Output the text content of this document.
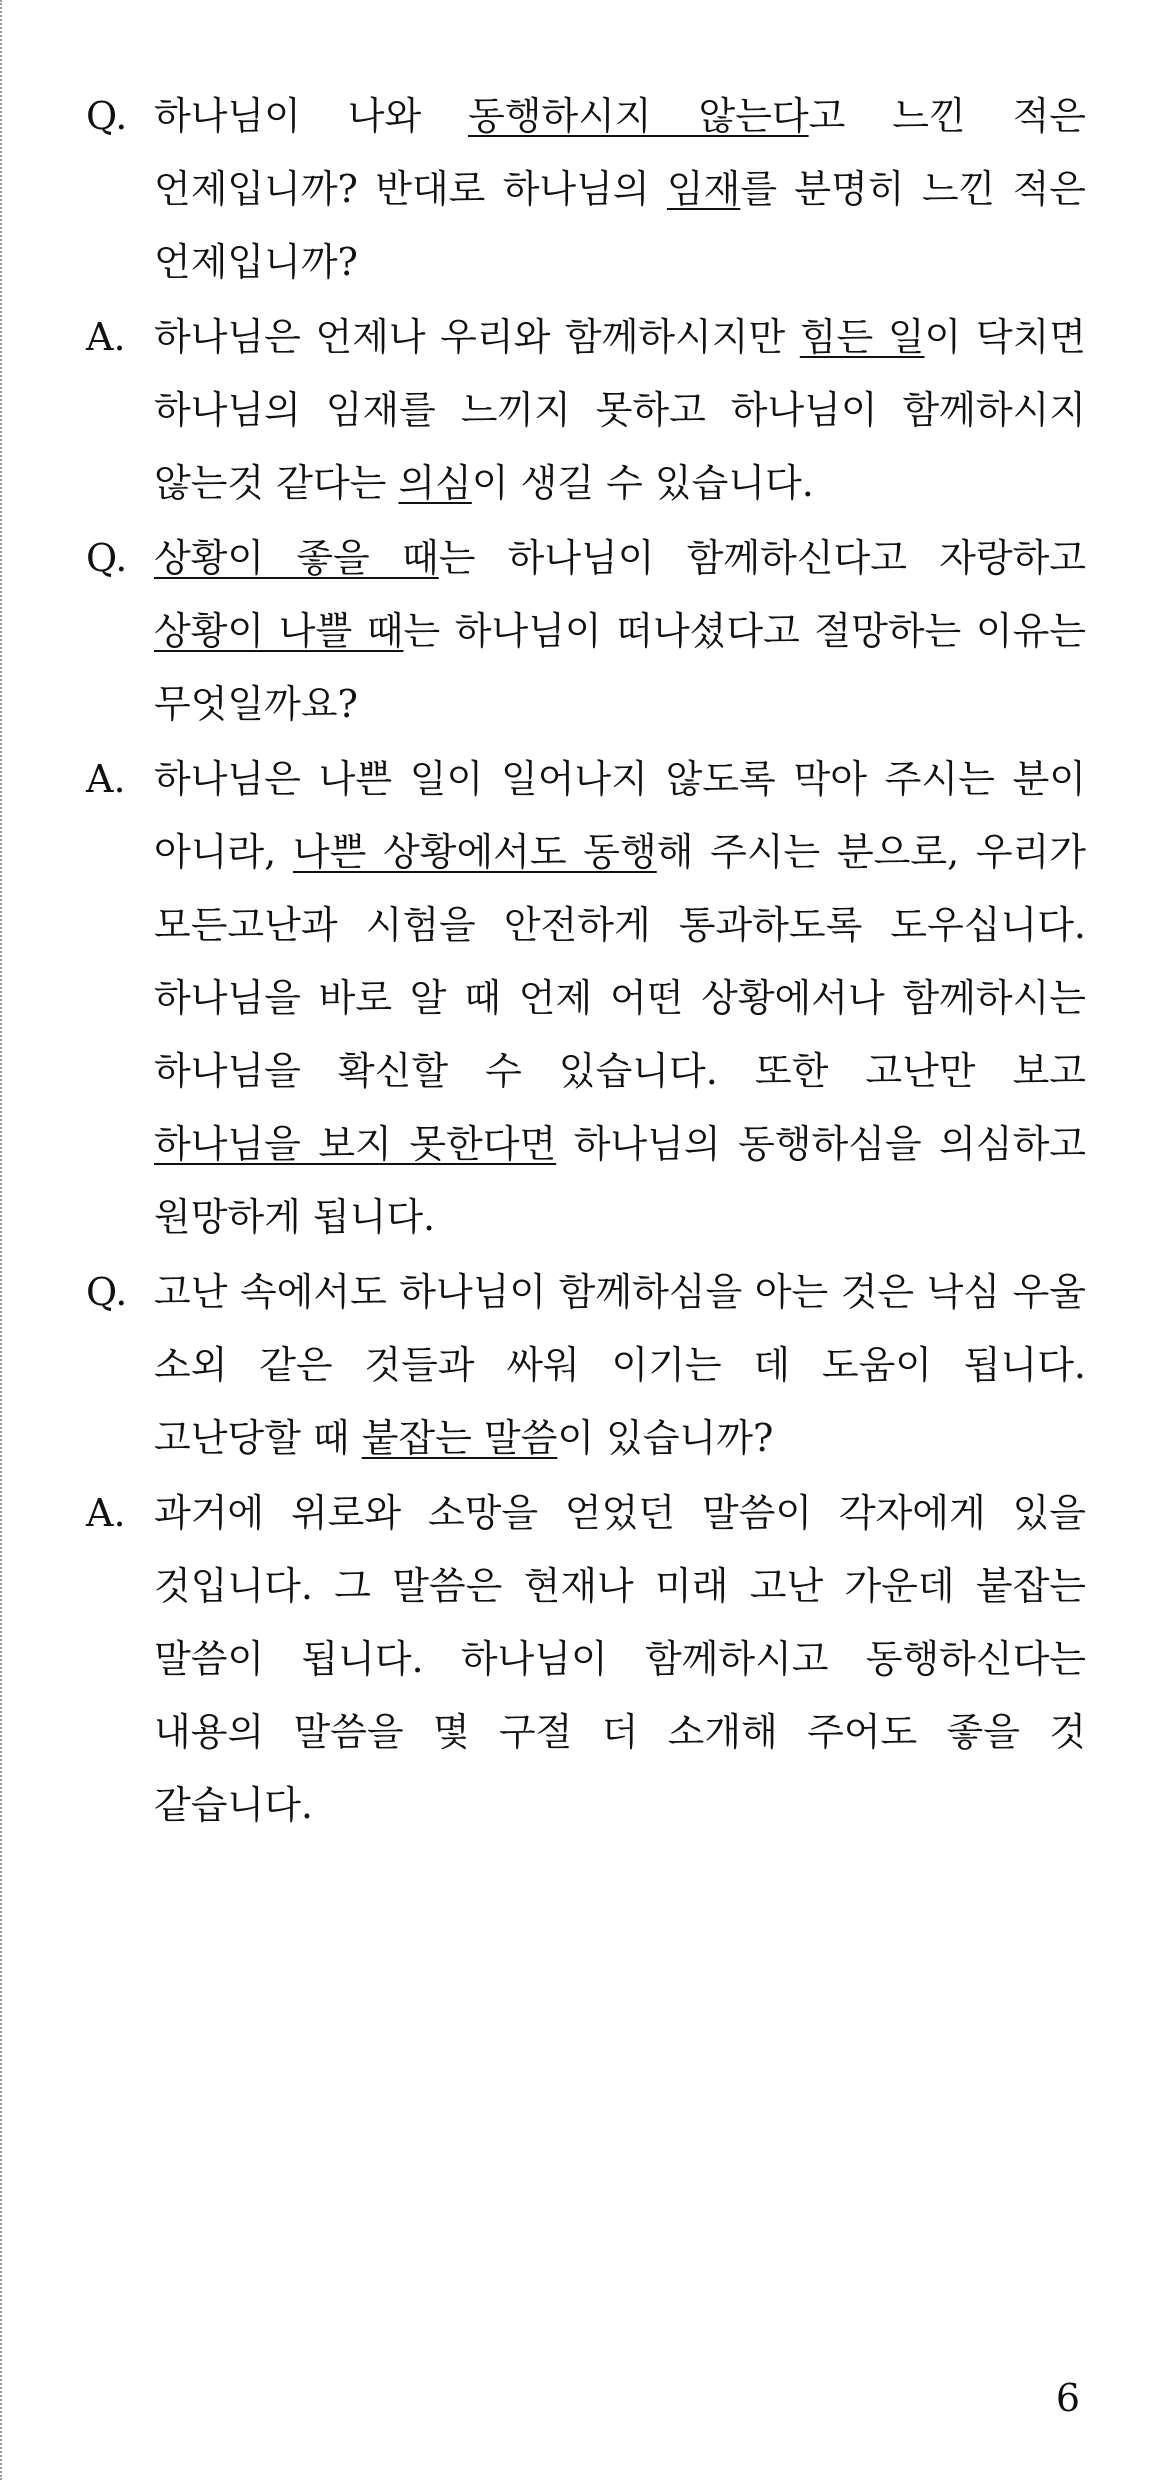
Q. 하나님이 나와 동행하시지 않는다고 느낀 적은 언제입니까? 반대로 하나님의 임재를 분명히 느낀 적은 언제입니까?
A. 하나님은 언제나 우리와 함께하시지만 힘든 일이 닥치면 하나님의 임재를 느끼지 못하고 하나님이 함께하시지 않는것 같다는 의심이 생길 수 있습니다.
Q. 상황이 좋을 때는 하나님이 함께하신다고 자랑하고 상황이 나쁠 때는 하나님이 떠나셨다고 절망하는 이유는 무엇일까요?
A. 하나님은 나쁜 일이 일어나지 않도록 막아 주시는 분이 아니라, 나쁜 상황에서도 동행해 주시는 분으로, 우리가 모든고난과 시험을 안전하게 통과하도록 도우십니다. 하나님을 바로 알 때 언제 어떤 상황에서나 함께하시는 하나님을 확신할 수 있습니다. 또한 고난만 보고 하나님을 보지 못한다면 하나님의 동행하심을 의심하고 원망하게 됩니다.
Q. 고난 속에서도 하나님이 함께하심을 아는 것은 낙심 우울 소외 같은 것들과 싸워 이기는 데 도움이 됩니다. 고난당할 때 붙잡는 말씀이 있습니까?
A. 과거에 위로와 소망을 얻었던 말씀이 각자에게 있을 것입니다. 그 말씀은 현재나 미래 고난 가운데 붙잡는 말씀이 됩니다. 하나님이 함께하시고 동행하신다는 내용의 말씀을 몇 구절 더 소개해 주어도 좋을 것 같습니다.
6
